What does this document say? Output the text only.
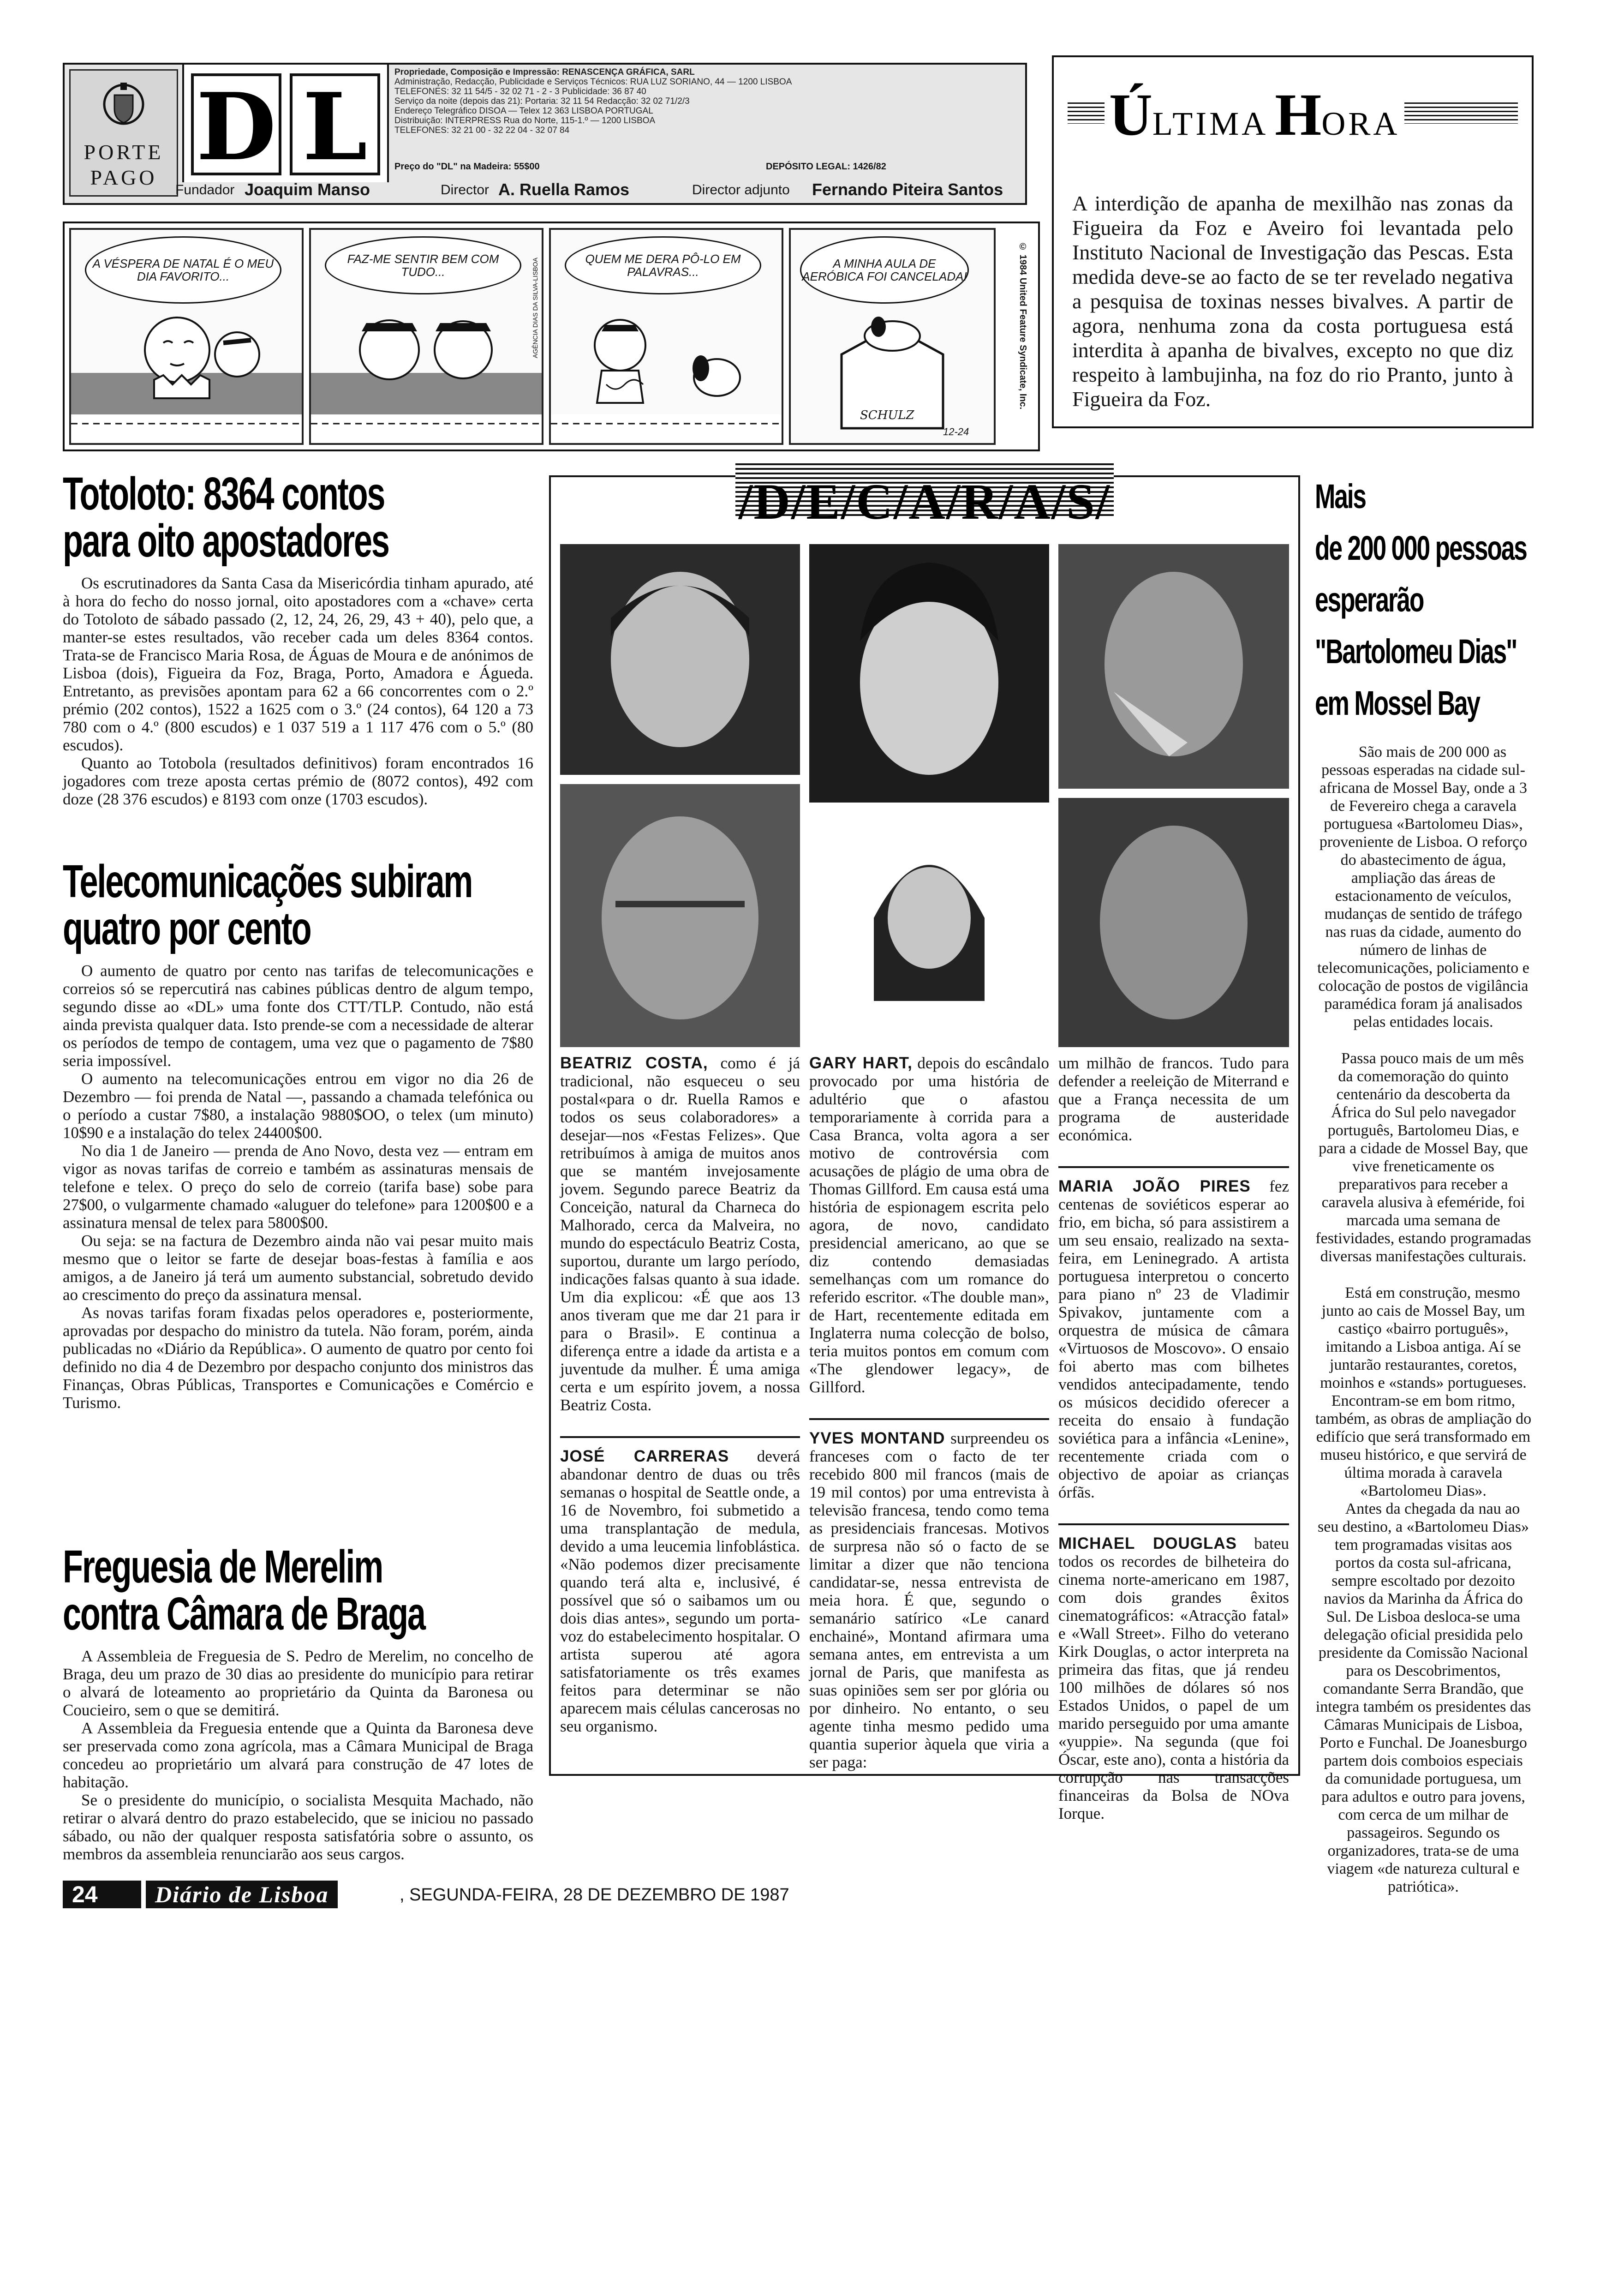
PORTE
PAGO D L
Propriedade, Composição e Impressão: RENASCENÇA GRÁFICA, SARL
Administração, Redacção, Publicidade e Serviços Técnicos: RUA LUZ SORIANO, 44 — 1200 LISBOA
TELEFONES: 32 11 54/5 - 32 02 71 - 2 - 3 Publicidade: 36 87 40
Serviço da noite (depois das 21): Portaria: 32 11 54 Redacção: 32 02 71/2/3
Endereço Telegráfico DISOA — Telex 12 363 LISBOA PORTUGAL
Distribuição: INTERPRESS Rua do Norte, 115-1.º — 1200 LISBOA
TELEFONES: 32 21 00 - 32 22 04 - 32 07 84
Preço do "DL" na Madeira: 55$00	DEPÓSITO LEGAL: 1426/82
Fundador Joaquim Manso	Director A. Ruella Ramos	Director adjunto Fernando Piteira Santos
ÚLTIMA HORA
A interdição de apanha de mexilhão nas zonas da Figueira da Foz e Aveiro foi levantada pelo Instituto Nacional de Investigação das Pescas. Esta medida deve-se ao facto de se ter revelado negativa a pesquisa de toxinas nesses bivalves. A partir de agora, nenhuma zona da costa portuguesa está interdita à apanha de bivalves, excepto no que diz respeito à lambujinha, na foz do rio Pranto, junto à Figueira da Foz.
A VÉSPERA DE NATAL É O MEU DIA FAVORITO...
FAZ-ME SENTIR BEM COM TUDO...	AGÊNCIA DIAS DA SILVA-LISBOA	QUEM ME DERA PÔ-LO EM PALAVRAS...
A MINHA AULA DE AERÓBICA FOI CANCELADA!
SCHULZ
12-24
© 1984 United Feature Syndicate, Inc.
Totoloto: 8364 contos
para oito apostadores

Os escrutinadores da Santa Casa da Misericórdia tinham apurado, até à hora do fecho do nosso jornal, oito apostadores com a «chave» certa do Totoloto de sábado passado (2, 12, 24, 26, 29, 43 + 40), pelo que, a manter-se estes resultados, vão receber cada um deles 8364 contos. Trata-se de Francisco Maria Rosa, de Águas de Moura e de anónimos de Lisboa (dois), Figueira da Foz, Braga, Porto, Amadora e Águeda. Entretanto, as previsões apontam para 62 a 66 concorrentes com o 2.º prémio (202 contos), 1522 a 1625 com o 3.º (24 contos), 64 120 a 73 780 com o 4.º (800 escudos) e 1 037 519 a 1 117 476 com o 5.º (80 escudos).

Quanto ao Totobola (resultados definitivos) foram encontrados 16 jogadores com treze aposta certas prémio de (8072 contos), 492 com doze (28 376 escudos) e 8193 com onze (1703 escudos).

Telecomunicações subiram
quatro por cento

O aumento de quatro por cento nas tarifas de telecomunicações e correios só se repercutirá nas cabines públicas dentro de algum tempo, segundo disse ao «DL» uma fonte dos CTT/TLP. Contudo, não está ainda prevista qualquer data. Isto prende-se com a necessidade de alterar os períodos de tempo de contagem, uma vez que o pagamento de 7$80 seria impossível.

O aumento na telecomunicações entrou em vigor no dia 26 de Dezembro — foi prenda de Natal —, passando a chamada telefónica ou o período a custar 7$80, a instalação 9880$OO, o telex (um minuto) 10$90 e a instalação do telex 24400$00.

No dia 1 de Janeiro — prenda de Ano Novo, desta vez — entram em vigor as novas tarifas de correio e também as assinaturas mensais de telefone e telex. O preço do selo de correio (tarifa base) sobe para 27$00, o vulgarmente chamado «aluguer do telefone» para 1200$00 e a assinatura mensal de telex para 5800$00.

Ou seja: se na factura de Dezembro ainda não vai pesar muito mais mesmo que o leitor se farte de desejar boas-festas à família e aos amigos, a de Janeiro já terá um aumento substancial, sobretudo devido ao crescimento do preço da assinatura mensal.

As novas tarifas foram fixadas pelos operadores e, posteriormente, aprovadas por despacho do ministro da tutela. Não foram, porém, ainda publicadas no «Diário da República». O aumento de quatro por cento foi definido no dia 4 de Dezembro por despacho conjunto dos ministros das Finanças, Obras Públicas, Transportes e Comunicações e Comércio e Turismo.

Freguesia de Merelim
contra Câmara de Braga

A Assembleia de Freguesia de S. Pedro de Merelim, no concelho de Braga, deu um prazo de 30 dias ao presidente do município para retirar o alvará de loteamento ao proprietário da Quinta da Baronesa ou Coucieiro, sem o que se demitirá.

A Assembleia da Freguesia entende que a Quinta da Baronesa deve ser preservada como zona agrícola, mas a Câmara Municipal de Braga concedeu ao proprietário um alvará para construção de 47 lotes de habitação.

Se o presidente do município, o socialista Mesquita Machado, não retirar o alvará dentro do prazo estabelecido, que se iniciou no passado sábado, ou não der qualquer resposta satisfatória sobre o assunto, os membros da assembleia renunciarão aos seus cargos.

/D/E/C/A/R/A/S/

BEATRIZ COSTA, como é já tradicional, não esqueceu o seu postal«para o dr. Ruella Ramos e todos os seus colaboradores» a desejar—nos «Festas Felizes». Que retribuímos à amiga de muitos anos que se mantém invejosamente jovem. Segundo parece Beatriz da Conceição, natural da Charneca do Malhorado, cerca da Malveira, no mundo do espectáculo Beatriz Costa, suportou, durante um largo período, indicações falsas quanto à sua idade. Um dia explicou: «É que aos 13 anos tiveram que me dar 21 para ir para o Brasil». E continua a diferença entre a idade da artista e a juventude da mulher. É uma amiga certa e um espírito jovem, a nossa Beatriz Costa.

JOSÉ CARRERAS deverá abandonar dentro de duas ou três semanas o hospital de Seattle onde, a 16 de Novembro, foi submetido a uma transplantação de medula, devido a uma leucemia linfoblástica. «Não podemos dizer precisamente quando terá alta e, inclusivé, é possível que só o saibamos um ou dois dias antes», segundo um porta-voz do estabelecimento hospitalar. O artista superou até agora satisfatoriamente os três exames feitos para determinar se não aparecem mais células cancerosas no seu organismo.

GARY HART, depois do escândalo provocado por uma história de adultério que o afastou temporariamente à corrida para a Casa Branca, volta agora a ser motivo de controvérsia com acusações de plágio de uma obra de Thomas Gillford. Em causa está uma história de espionagem escrita pelo agora, de novo, candidato presidencial americano, ao que se diz contendo demasiadas semelhanças com um romance do referido escritor. «The double man», de Hart, recentemente editada em Inglaterra numa colecção de bolso, teria muitos pontos em comum com «The glendower legacy», de Gillford.

YVES MONTAND surpreendeu os franceses com o facto de ter recebido 800 mil francos (mais de 19 mil contos) por uma entrevista à televisão francesa, tendo como tema as presidenciais francesas. Motivos de surpresa não só o facto de se limitar a dizer que não tenciona candidatar-se, nessa entrevista de meia hora. É que, segundo o semanário satírico «Le canard enchainé», Montand afirmara uma semana antes, em entrevista a um jornal de Paris, que manifesta as suas opiniões sem ser por glória ou por dinheiro. No entanto, o seu agente tinha mesmo pedido uma quantia superior àquela que viria a ser paga:

um milhão de francos. Tudo para defender a reeleição de Miterrand e que a França necessita de um programa de austeridade económica.

MARIA JOÃO PIRES fez centenas de soviéticos esperar ao frio, em bicha, só para assistirem a um seu ensaio, realizado na sexta-feira, em Leninegrado. A artista portuguesa interpretou o concerto para piano nº 23 de Vladimir Spivakov, juntamente com a orquestra de música de câmara «Virtuosos de Moscovo». O ensaio foi aberto mas com bilhetes vendidos antecipadamente, tendo os músicos decidido oferecer a receita do ensaio à fundação soviética para a infância «Lenine», recentemente criada com o objectivo de apoiar as crianças órfãs.

MICHAEL DOUGLAS bateu todos os recordes de bilheteira do cinema norte-americano em 1987, com dois grandes êxitos cinematográficos: «Atracção fatal» e «Wall Street». Filho do veterano Kirk Douglas, o actor interpreta na primeira das fitas, que já rendeu 100 milhões de dólares só nos Estados Unidos, o papel de um marido perseguido por uma amante «yuppie». Na segunda (que foi Óscar, este ano), conta a história da corrupção nas transacções financeiras da Bolsa de NOva Iorque.

Mais
de 200 000 pessoas
esperarão
"Bartolomeu Dias"
em Mossel Bay

São mais de 200 000 as pessoas esperadas na cidade sul-africana de Mossel Bay, onde a 3 de Fevereiro chega a caravela portuguesa «Bartolomeu Dias», proveniente de Lisboa. O reforço do abastecimento de água, ampliação das áreas de estacionamento de veículos, mudanças de sentido de tráfego nas ruas da cidade, aumento do número de linhas de telecomunicações, policiamento e colocação de postos de vigilância paramédica foram já analisados pelas entidades locais.

Passa pouco mais de um mês da comemoração do quinto centenário da descoberta da África do Sul pelo navegador português, Bartolomeu Dias, e para a cidade de Mossel Bay, que vive freneticamente os preparativos para receber a caravela alusiva à efeméride, foi marcada uma semana de festividades, estando programadas diversas manifestações culturais.

Está em construção, mesmo junto ao cais de Mossel Bay, um castiço «bairro português», imitando a Lisboa antiga. Aí se juntarão restaurantes, coretos, moinhos e «stands» portugueses. Encontram-se em bom ritmo, também, as obras de ampliação do edifício que será transformado em museu histórico, e que servirá de última morada à caravela «Bartolomeu Dias».

Antes da chegada da nau ao seu destino, a «Bartolomeu Dias» tem programadas visitas aos portos da costa sul-africana, sempre escoltado por dezoito navios da Marinha da África do Sul. De Lisboa desloca-se uma delegação oficial presidida pelo presidente da Comissão Nacional para os Descobrimentos, comandante Serra Brandão, que integra também os presidentes das Câmaras Municipais de Lisboa, Porto e Funchal. De Joanesburgo partem dois comboios especiais da comunidade portuguesa, um para adultos e outro para jovens, com cerca de um milhar de passageiros. Segundo os organizadores, trata-se de uma viagem «de natureza cultural e patriótica».

24	Diário de Lisboa	, SEGUNDA-FEIRA, 28 DE DEZEMBRO DE 1987
